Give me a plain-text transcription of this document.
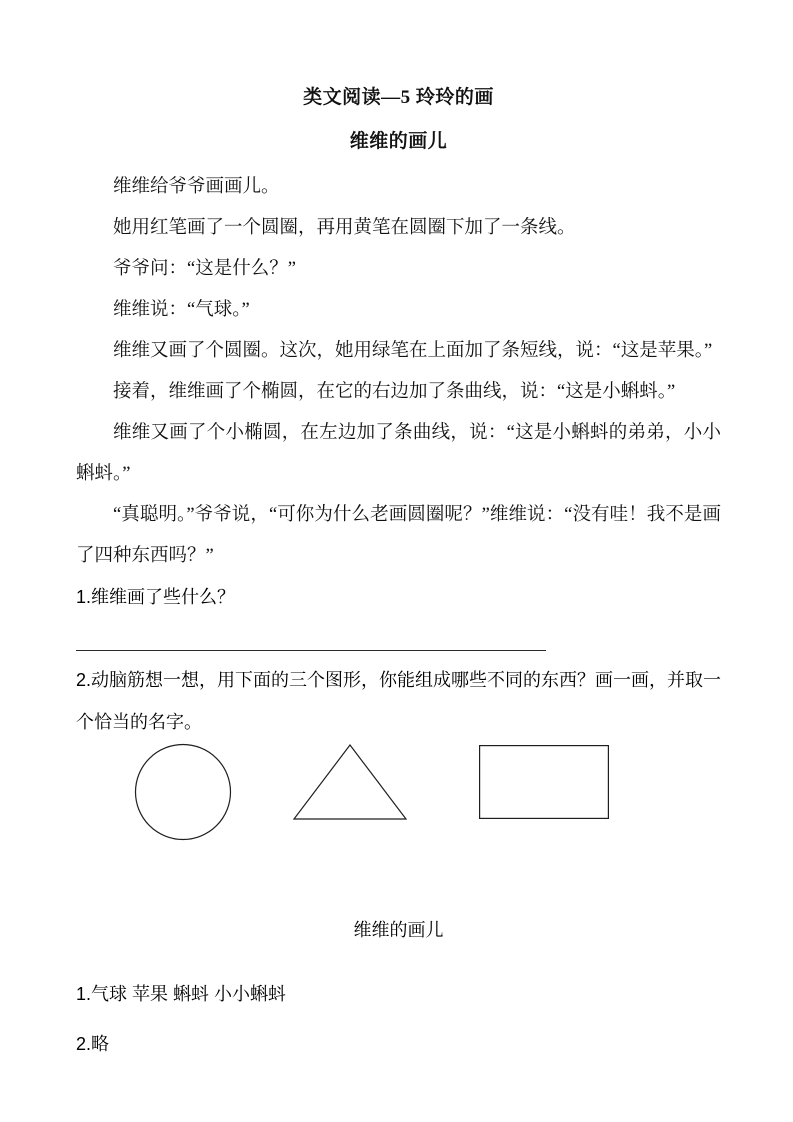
类文阅读—5 玲玲的画
维维的画儿

维维给爷爷画画儿。

她用红笔画了一个圆圈，再用黄笔在圆圈下加了一条线。

爷爷问：“这是什么？”

维维说：“气球。”

维维又画了个圆圈。这次，她用绿笔在上面加了条短线，说：“这是苹果。”

接着，维维画了个椭圆，在它的右边加了条曲线，说：“这是小蝌蚪。”

维维又画了个小椭圆，在左边加了条曲线，说：“这是小蝌蚪的弟弟，小小蝌蚪。”

“真聪明。”爷爷说，“可你为什么老画圆圈呢？”维维说：“没有哇！我不是画了四种东西吗？”

1.维维画了些什么？

2.动脑筋想一想，用下面的三个图形，你能组成哪些不同的东西？画一画，并取一个恰当的名字。

维维的画儿

1.气球 苹果 蝌蚪 小小蝌蚪

2.略
